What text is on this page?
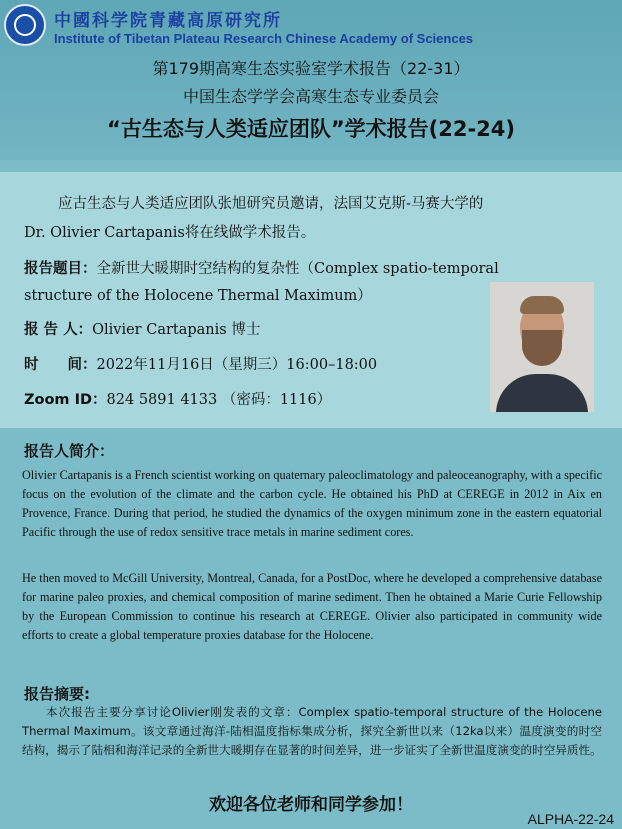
中國科学院青藏高原研究所
Institute of Tibetan Plateau Research Chinese Academy of Sciences
第179期高寒生态实验室学术报告（22-31）
中国生态学学会高寒生态专业委员会
“古生态与人类适应团队”学术报告(22-24)
应古生态与人类适应团队张旭研究员邀请，法国艾克斯-马赛大学的
Dr. Olivier Cartapanis将在线做学术报告。
报告题目：全新世大暖期时空结构的复杂性（Complex spatio-temporal
structure of the Holocene Thermal Maximum）
报 告 人：Olivier Cartapanis 博士
时　　间：2022年11月16日（星期三）16:00–18:00
Zoom ID：824 5891 4133 （密码：1116）
报告人简介：
Olivier Cartapanis is a French scientist working on quaternary paleoclimatology and paleoceanography, with a specific focus on the evolution of the climate and the carbon cycle. He obtained his PhD at CEREGE in 2012 in Aix en Provence, France. During that period, he studied the dynamics of the oxygen minimum zone in the eastern equatorial Pacific through the use of redox sensitive trace metals in marine sediment cores.
He then moved to McGill University, Montreal, Canada, for a PostDoc, where he developed a comprehensive database for marine paleo proxies, and chemical composition of marine sediment. Then he obtained a Marie Curie Fellowship by the European Commission to continue his research at CEREGE. Olivier also participated in community wide efforts to create a global temperature proxies database for the Holocene.
报告摘要:
本次报告主要分享讨论Olivier刚发表的文章：Complex spatio-temporal structure of the Holocene Thermal Maximum。该文章通过海洋-陆相温度指标集成分析，探究全新世以来（12ka以来）温度演变的时空结构，揭示了陆相和海洋记录的全新世大暖期存在显著的时间差异，进一步证实了全新世温度演变的时空异质性。
欢迎各位老师和同学参加！
ALPHA-22-24
